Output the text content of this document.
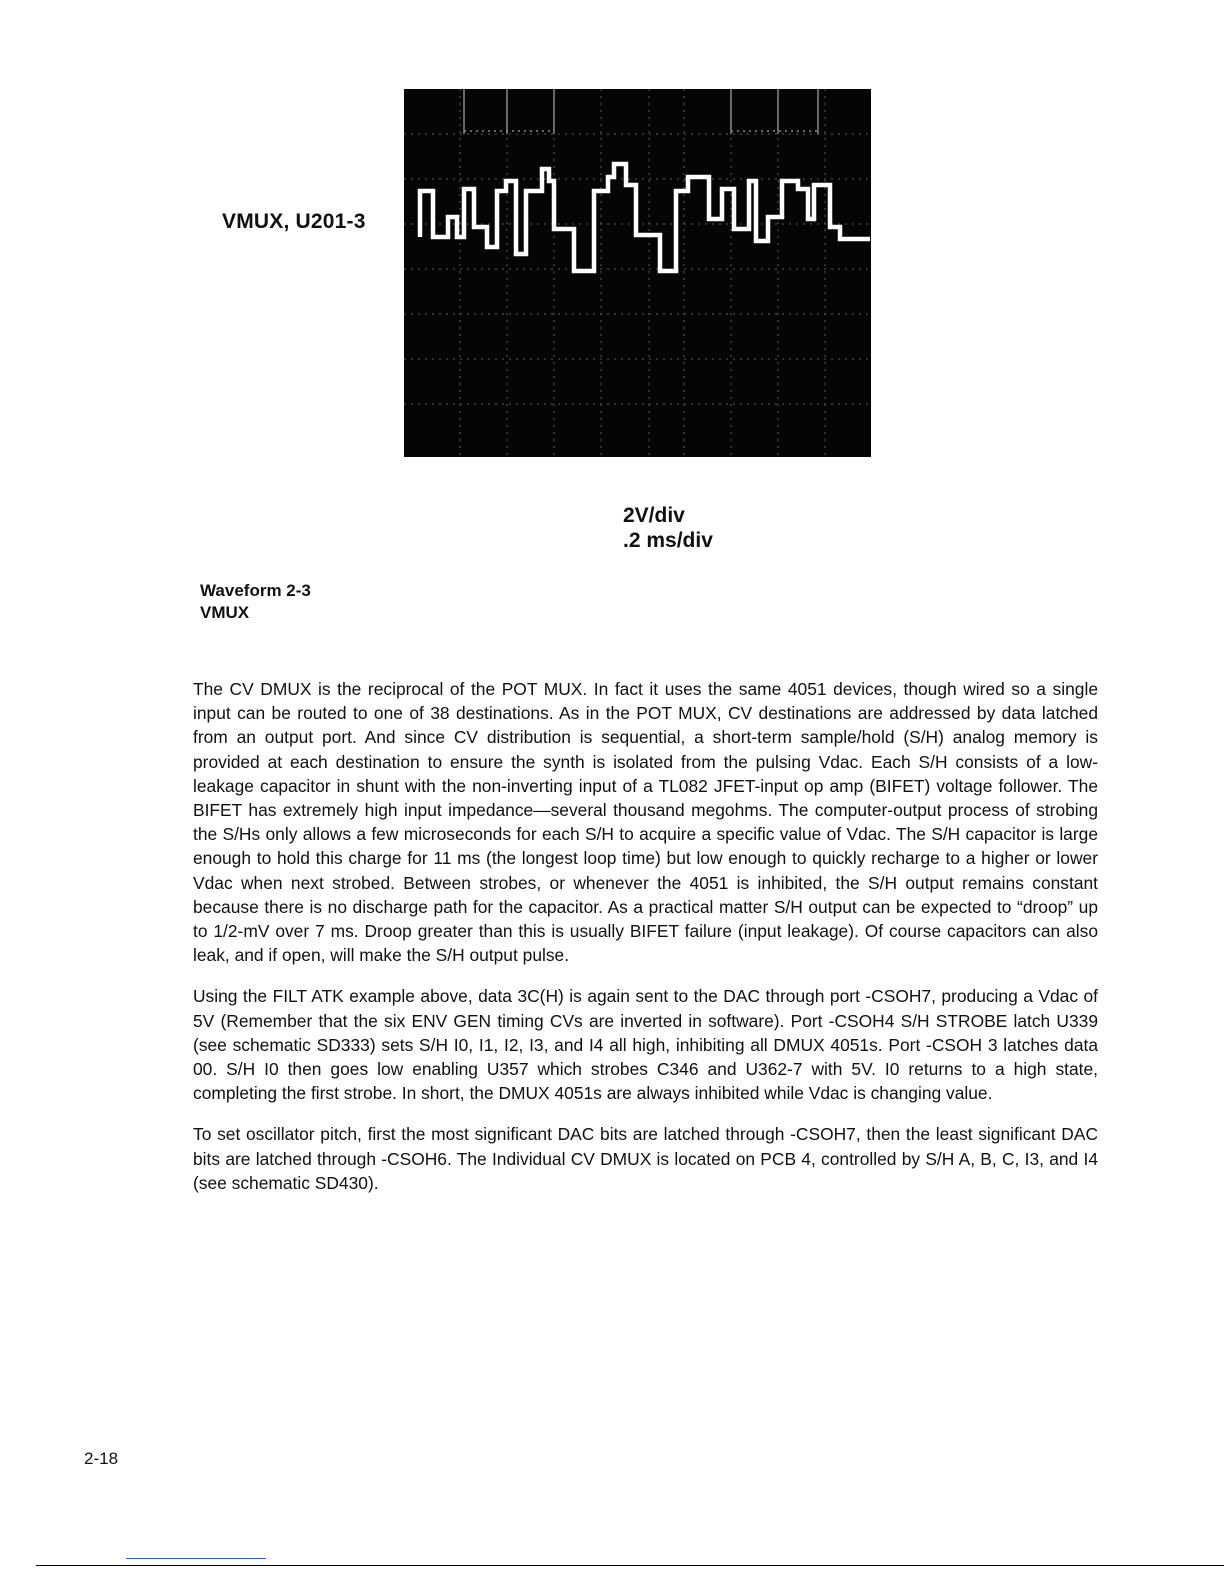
VMUX, U201-3
2V/div
.2 ms/div
Waveform 2-3
VMUX

The CV DMUX is the reciprocal of the POT MUX. In fact it uses the same 4051 devices, though wired so a single input can be routed to one of 38 destinations. As in the POT MUX, CV destinations are addressed by data latched from an output port. And since CV distribution is sequential, a short-term sample/hold (S/H) analog memory is provided at each destination to ensure the synth is isolated from the pulsing Vdac. Each S/H consists of a low-leakage capacitor in shunt with the non-inverting input of a TL082 JFET-input op amp (BIFET) voltage follower. The BIFET has extremely high input impedance—several thousand megohms. The computer-output process of strobing the S/Hs only allows a few microseconds for each S/H to acquire a specific value of Vdac. The S/H capacitor is large enough to hold this charge for 11 ms (the longest loop time) but low enough to quickly recharge to a higher or lower Vdac when next strobed. Between strobes, or whenever the 4051 is inhibited, the S/H output remains constant because there is no discharge path for the capacitor. As a practical matter S/H output can be expected to “droop” up to 1/2-mV over 7 ms. Droop greater than this is usually BIFET failure (input leakage). Of course capacitors can also leak, and if open, will make the S/H output pulse.

Using the FILT ATK example above, data 3C(H) is again sent to the DAC through port -CSOH7, producing a Vdac of 5V (Remember that the six ENV GEN timing CVs are inverted in software). Port -CSOH4 S/H STROBE latch U339 (see schematic SD333) sets S/H I0, I1, I2, I3, and I4 all high, inhibiting all DMUX 4051s. Port -CSOH 3 latches data 00. S/H I0 then goes low enabling U357 which strobes C346 and U362-7 with 5V. I0 returns to a high state, completing the first strobe. In short, the DMUX 4051s are always inhibited while Vdac is changing value.

To set oscillator pitch, first the most significant DAC bits are latched through -CSOH7, then the least significant DAC bits are latched through -CSOH6. The Individual CV DMUX is located on PCB 4, controlled by S/H A, B, C, I3, and I4 (see schematic SD430).

2-18
